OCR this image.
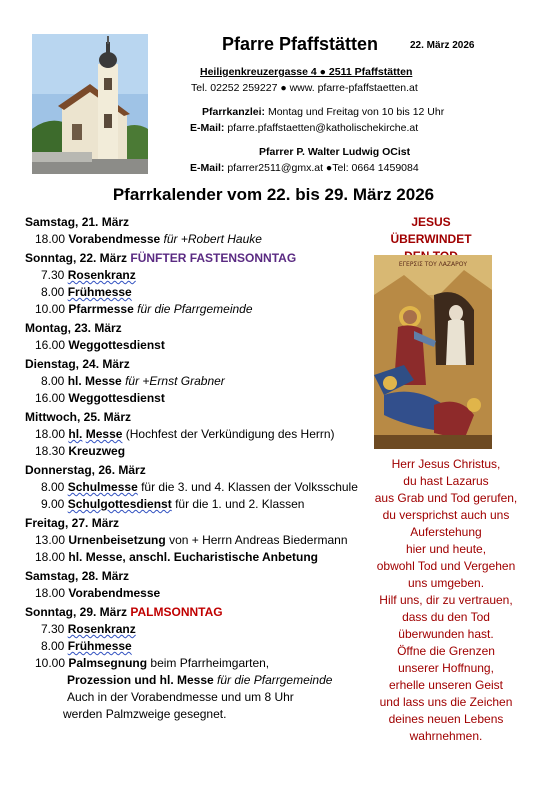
Pfarre Pfaffstätten	22. März 2026
Heiligenkreuzergasse 4 ● 2511 Pfaffstätten
Tel. 02252 259227 ● www. pfarre-pfaffstaetten.at
Pfarrkanzlei: Montag und Freitag von 10 bis 12 Uhr
E-Mail: pfarre.pfaffstaetten@katholischekirche.at
Pfarrer P. Walter Ludwig OCist
E-Mail: pfarrer2511@gmx.at ●Tel: 0664 1459084
Pfarrkalender vom 22. bis 29. März 2026
Samstag, 21. März
18.00 Vorabendmesse für +Robert Hauke
Sonntag, 22. März FÜNFTER FASTENSONNTAG
7.30 Rosenkranz
8.00 Frühmesse
10.00 Pfarrmesse für die Pfarrgemeinde
Montag, 23. März
16.00 Weggottesdienst
Dienstag, 24. März
8.00 hl. Messe für +Ernst Grabner
16.00 Weggottesdienst
Mittwoch, 25. März
18.00 hl. Messe (Hochfest der Verkündigung des Herrn)
18.30 Kreuzweg
Donnerstag, 26. März
8.00 Schulmesse für die 3. und 4. Klassen der Volksschule
9.00 Schulgottesdienst für die 1. und 2. Klassen
Freitag, 27. März
13.00 Urnenbeisetzung von + Herrn Andreas Biedermann
18.00 hl. Messe, anschl. Eucharistische Anbetung
Samstag, 28. März
18.00 Vorabendmesse
Sonntag, 29. März PALMSONNTAG
7.30 Rosenkranz
8.00 Frühmesse
10.00 Palmsegnung beim Pfarrheimgarten,
Prozession und hl. Messe für die Pfarrgemeinde
Auch in der Vorabendmesse und um 8 Uhr
werden Palmzweige gesegnet.
JESUS ÜBERWINDET
ΕΓΕΡΣΙΣ ΤΟΥ ΛΑΖΑΡΟΥ
Herr Jesus Christus,
du hast Lazarus
aus Grab und Tod gerufen,
du versprichst auch uns
Auferstehung
hier und heute,
obwohl Tod und Vergehen
uns umgeben.
Hilf uns, dir zu vertrauen,
dass du den Tod
überwunden hast.
Öffne die Grenzen
unserer Hoffnung,
erhelle unseren Geist
und lass uns die Zeichen
deines neuen Lebens
wahrnehmen.
